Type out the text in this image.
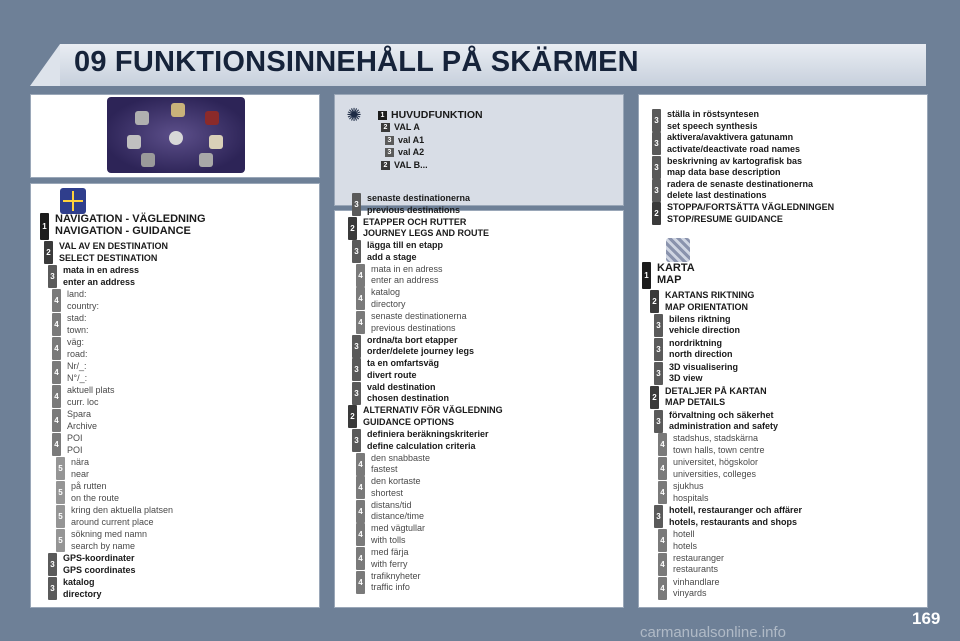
09 FUNKTIONSINNEHÅLL PÅ SKÄRMEN
✺	1 HUVUDFUNKTION
2 VAL A
3 val A1
3 val A2
2 VAL B...
1
NAVIGATION - VÄGLEDNING
NAVIGATION - GUIDANCE
2
VAL AV EN DESTINATION
SELECT DESTINATION
3
mata in en adress
enter an address
4
land:
country:
4
stad:
town:
4
väg:
road:
4
Nr/_:
N°/_:
4
aktuell plats
curr. loc
4
Spara
Archive
4
POI
POI
5
nära
near
5
på rutten
on the route
5
kring den aktuella platsen
around current place
5
sökning med namn
search by name
3
GPS-koordinater
GPS coordinates
3
katalog
directory
3
senaste destinationerna
previous destinations
2
ETAPPER OCH RUTTER
JOURNEY LEGS AND ROUTE
3
lägga till en etapp
add a stage
4
mata in en adress
enter an address
4
katalog
directory
4
senaste destinationerna
previous destinations
3
ordna/ta bort etapper
order/delete journey legs
3
ta en omfartsväg
divert route
3
vald destination
chosen destination
2
ALTERNATIV FÖR VÄGLEDNING
GUIDANCE OPTIONS
3
definiera beräkningskriterier
define calculation criteria
4
den snabbaste
fastest
4
den kortaste
shortest
4
distans/tid
distance/time
4
med vägtullar
with tolls
4
med färja
with ferry
4
trafiknyheter
traffic info
3
ställa in röstsyntesen
set speech synthesis
3
aktivera/avaktivera gatunamn
activate/deactivate road names
3
beskrivning av kartografisk bas
map data base description
3
radera de senaste destinationerna
delete last destinations
2
STOPPA/FORTSÄTTA VÄGLEDNINGEN
STOP/RESUME GUIDANCE
1
KARTA
MAP
2
KARTANS RIKTNING
MAP ORIENTATION
3
bilens riktning
vehicle direction
3
nordriktning
north direction
3
3D visualisering
3D view
2
DETALJER PÅ KARTAN
MAP DETAILS
3
förvaltning och säkerhet
administration and safety
4
stadshus, stadskärna
town halls, town centre
4
universitet, högskolor
universities, colleges
4
sjukhus
hospitals
3
hotell, restauranger och affärer
hotels, restaurants and shops
4
hotell
hotels
4
restauranger
restaurants
4
vinhandlare
vinyards
169
carmanualsonline.info
